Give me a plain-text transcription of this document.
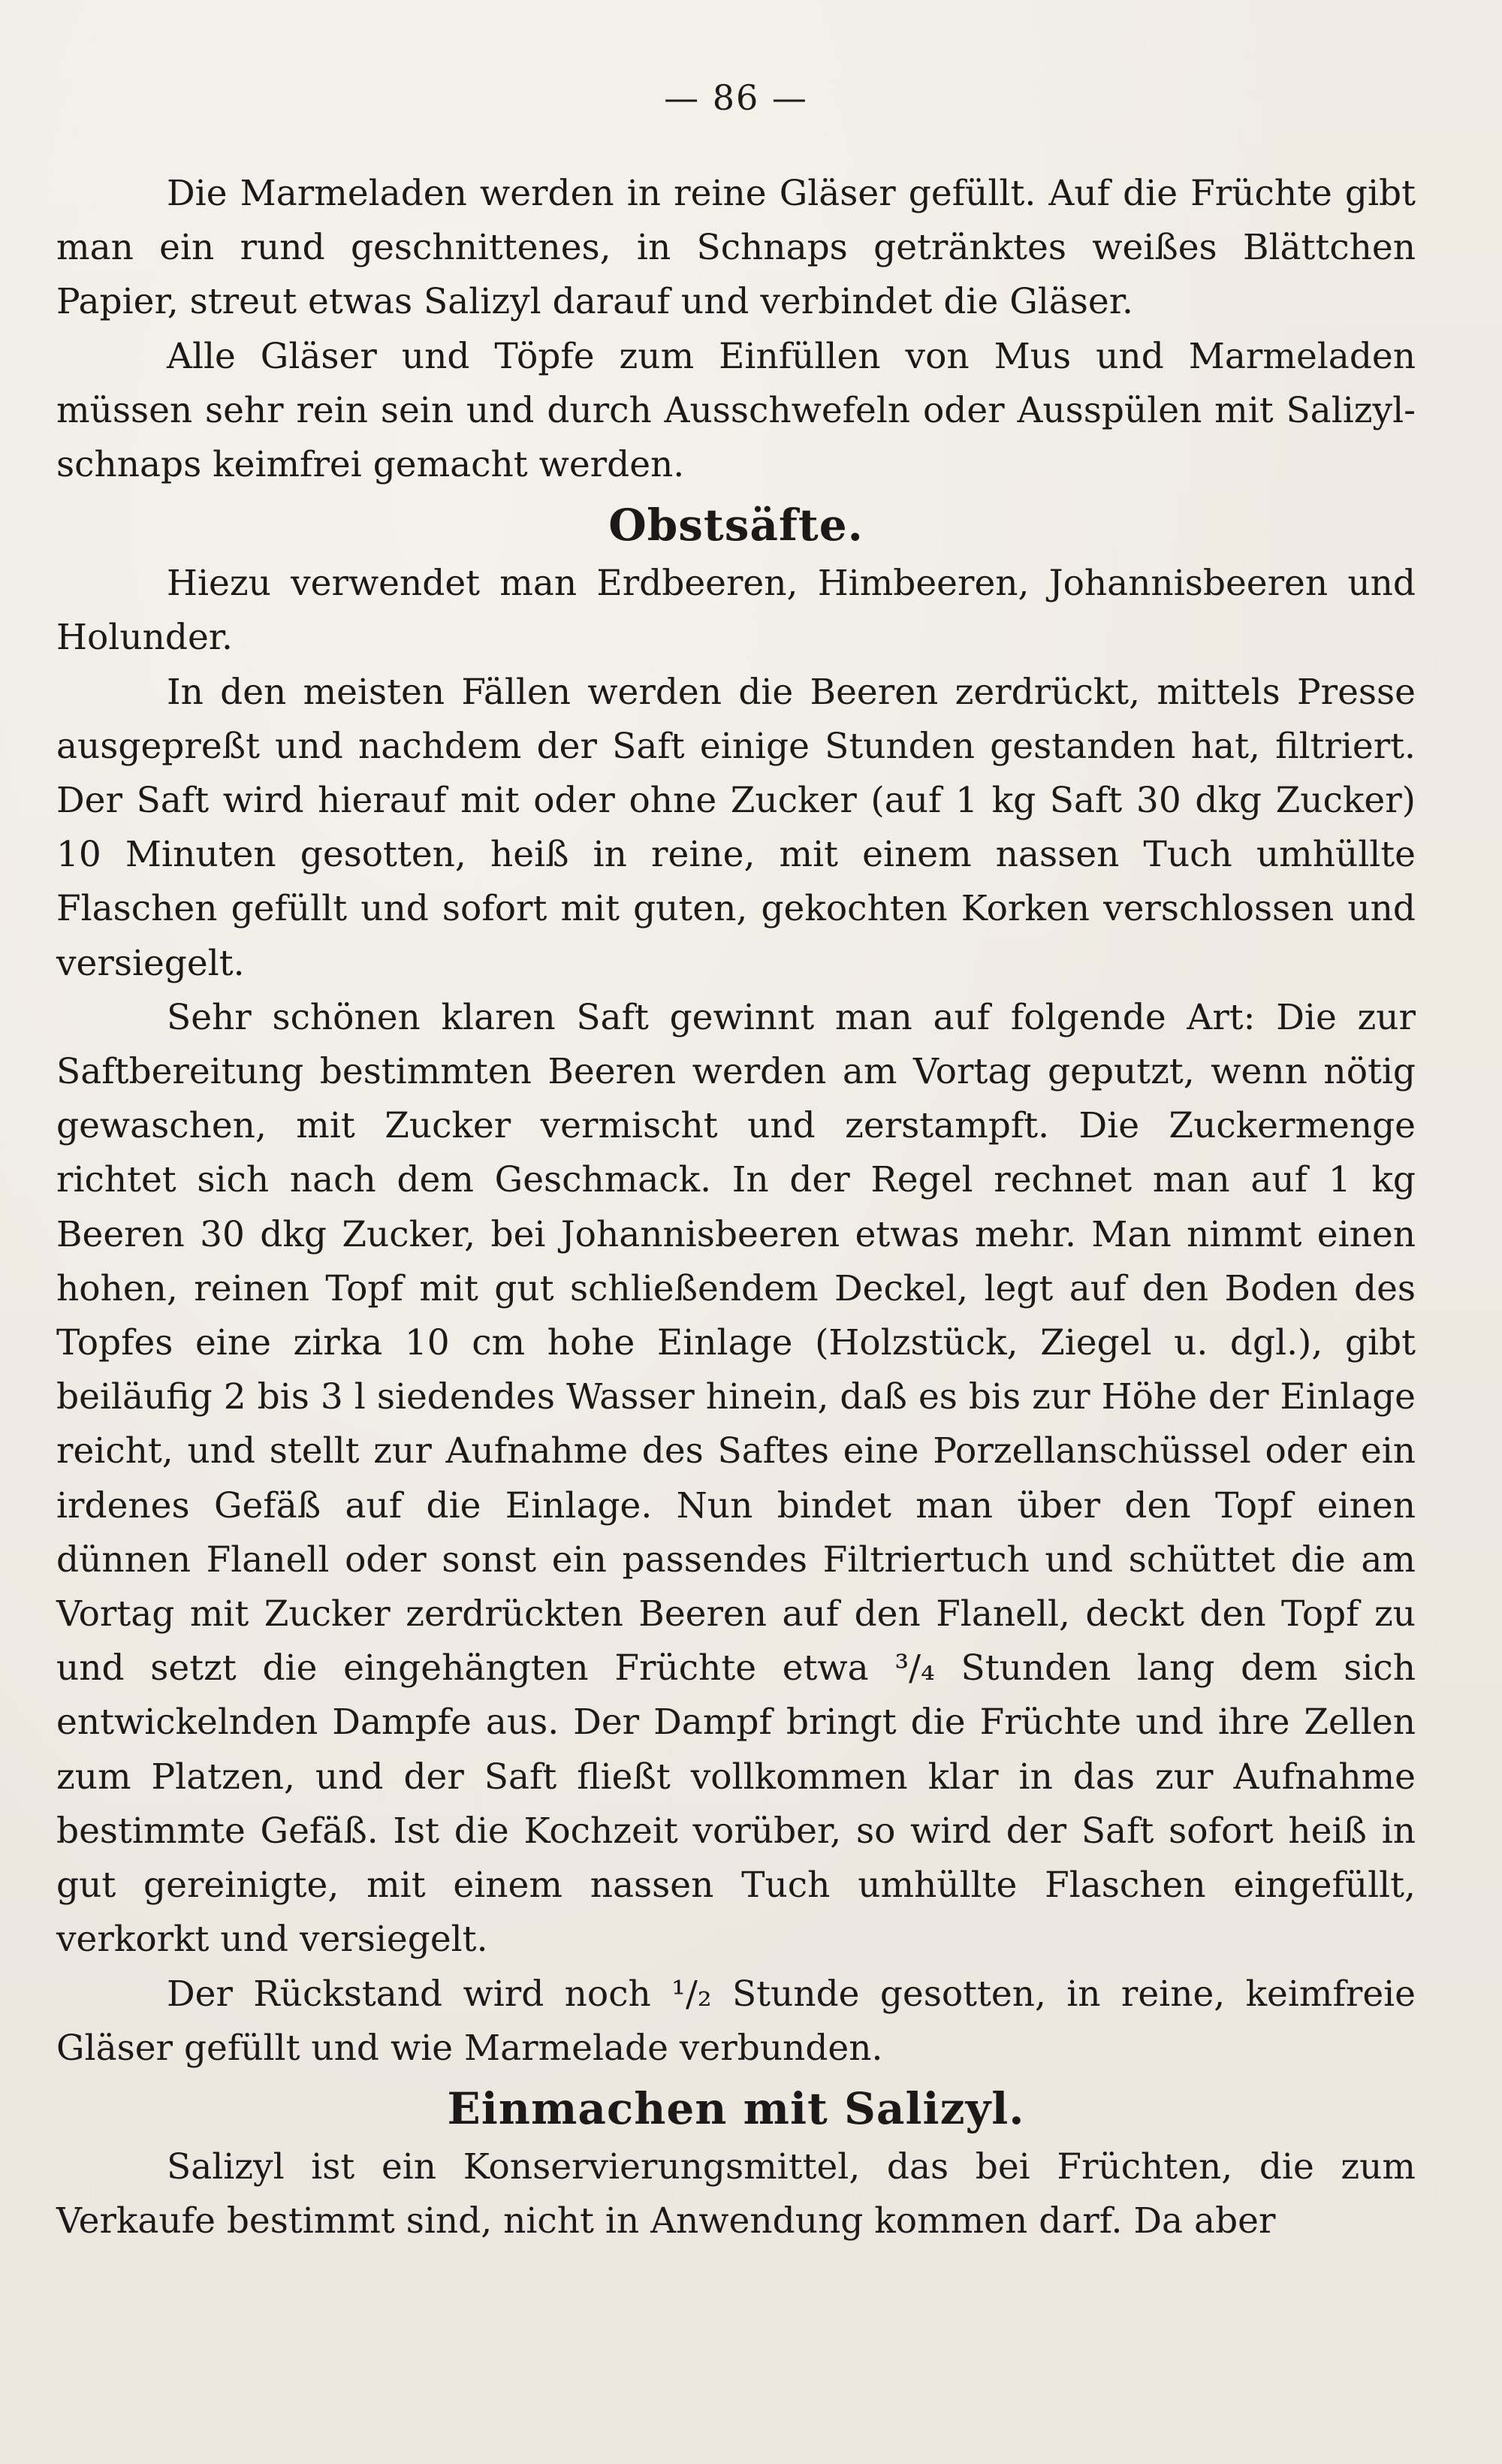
— 86 —

Die Marmeladen werden in reine Gläser gefüllt. Auf die Früchte gibt man ein rund geschnittenes, in Schnaps getränktes weißes Blättchen Papier, streut etwas Salizyl darauf und verbindet die Gläser.

Alle Gläser und Töpfe zum Einfüllen von Mus und Marmeladen müssen sehr rein sein und durch Ausschwefeln oder Ausspülen mit Salizylschnaps keimfrei gemacht werden.

Obstsäfte.

Hiezu verwendet man Erdbeeren, Himbeeren, Johannisbeeren und Holunder.

In den meisten Fällen werden die Beeren zerdrückt, mittels Presse ausgepreßt und nachdem der Saft einige Stunden gestanden hat, filtriert. Der Saft wird hierauf mit oder ohne Zucker (auf 1 kg Saft 30 dkg Zucker) 10 Minuten gesotten, heiß in reine, mit einem nassen Tuch umhüllte Flaschen gefüllt und sofort mit guten, gekochten Korken verschlossen und versiegelt.

Sehr schönen klaren Saft gewinnt man auf folgende Art: Die zur Saftbereitung bestimmten Beeren werden am Vortag geputzt, wenn nötig gewaschen, mit Zucker vermischt und zerstampft. Die Zuckermenge richtet sich nach dem Geschmack. In der Regel rechnet man auf 1 kg Beeren 30 dkg Zucker, bei Johannisbeeren etwas mehr. Man nimmt einen hohen, reinen Topf mit gut schließendem Deckel, legt auf den Boden des Topfes eine zirka 10 cm hohe Einlage (Holzstück, Ziegel u. dgl.), gibt beiläufig 2 bis 3 l siedendes Wasser hinein, daß es bis zur Höhe der Einlage reicht, und stellt zur Aufnahme des Saftes eine Porzellanschüssel oder ein irdenes Gefäß auf die Einlage. Nun bindet man über den Topf einen dünnen Flanell oder sonst ein passendes Filtriertuch und schüttet die am Vortag mit Zucker zerdrückten Beeren auf den Flanell, deckt den Topf zu und setzt die eingehängten Früchte etwa ³/₄ Stunden lang dem sich entwickelnden Dampfe aus. Der Dampf bringt die Früchte und ihre Zellen zum Platzen, und der Saft fließt vollkommen klar in das zur Aufnahme bestimmte Gefäß. Ist die Kochzeit vorüber, so wird der Saft sofort heiß in gut gereinigte, mit einem nassen Tuch umhüllte Flaschen eingefüllt, verkorkt und versiegelt.

Der Rückstand wird noch ¹/₂ Stunde gesotten, in reine, keimfreie Gläser gefüllt und wie Marmelade verbunden.

Einmachen mit Salizyl.

Salizyl ist ein Konservierungsmittel, das bei Früchten, die zum Verkaufe bestimmt sind, nicht in Anwendung kommen darf. Da aber
